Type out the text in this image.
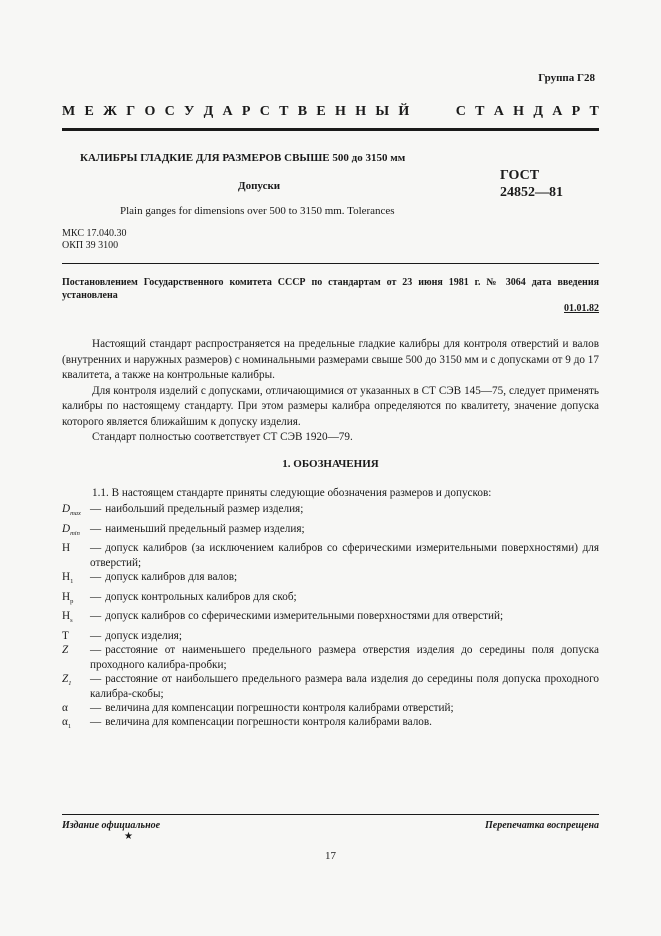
Группа Г28
М Е Ж Г О С У Д А Р С Т В Е Н Н Ы Й	С Т А Н Д А Р Т
КАЛИБРЫ ГЛАДКИЕ ДЛЯ РАЗМЕРОВ СВЫШЕ 500 до 3150 мм
Допуски
ГОСТ
24852—81
Plain ganges for dimensions over 500 to 3150 mm. Tolerances
МКС 17.040.30
ОКП 39 3100
Постановлением Государственного комитета СССР по стандартам от 23 июня 1981 г. № 3064 дата введения установлена
01.01.82

Настоящий стандарт распространяется на предельные гладкие калибры для контроля отверстий и валов (внутренних и наружных размеров) с номинальными размерами свыше 500 до 3150 мм и с допусками от 9 до 17 квалитета, а также на контрольные калибры.

Для контроля изделий с допусками, отличающимися от указанных в СТ СЭВ 145—75, следует применять калибры по настоящему стандарту. При этом размеры калибра определяются по квалитету, значение допуска которого является ближайшим к допуску изделия.

Стандарт полностью соответствует СТ СЭВ 1920—79.

1. ОБОЗНАЧЕНИЯ
1.1. В настоящем стандарте приняты следующие обозначения размеров и допусков:
$D_{max}$ — наибольший предельный размер изделия;
$D_{min}$ — наименьший предельный размер изделия;
H	— допуск калибров (за исключением калибров со сферическими измерительными поверхностями) для отверстий;
$H_1$	— допуск калибров для валов;
$H_p$	— допуск контрольных калибров для скоб;
$H_s$	— допуск калибров со сферическими измерительными поверхностями для отверстий;
T	— допуск изделия;
Z	— расстояние от наименьшего предельного размера отверстия изделия до середины поля допуска проходного калибра-пробки;
$Z_1$	— расстояние от наибольшего предельного размера вала изделия до середины поля допуска проходного калибра-скобы;
α	— величина для компенсации погрешности контроля калибрами отверстий;
$\alpha_1$	— величина для компенсации погрешности контроля калибрами валов.
Издание официальное	Перепечатка воспрещена
★
17
